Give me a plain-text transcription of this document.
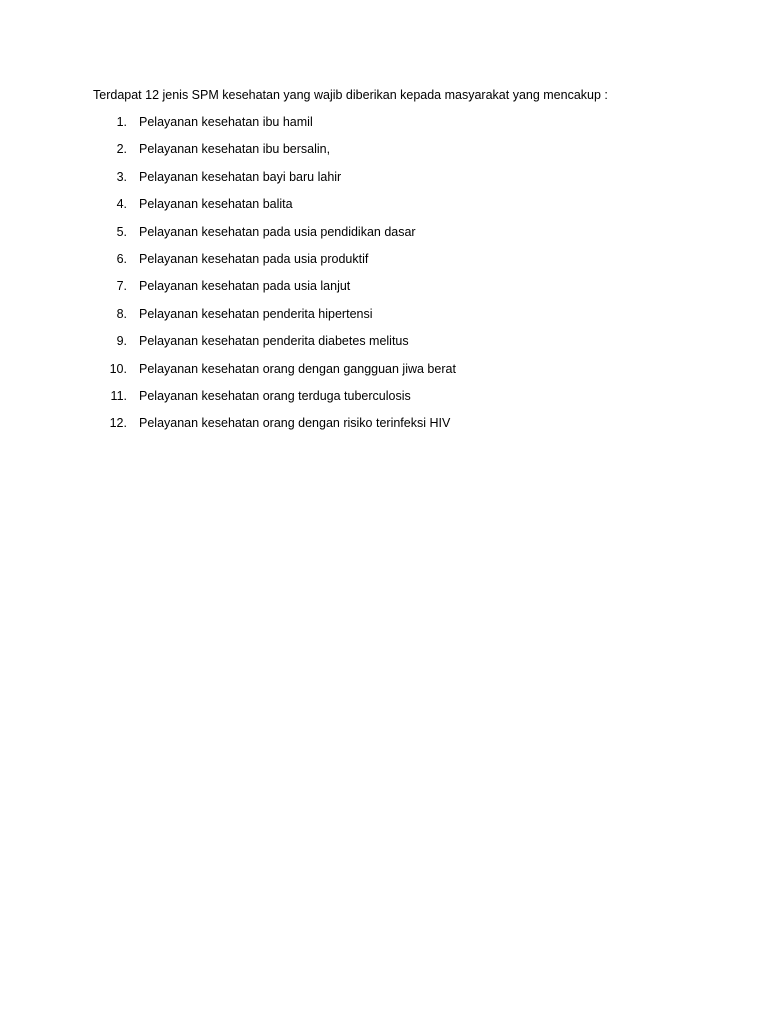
Terdapat 12 jenis SPM kesehatan yang wajib diberikan kepada masyarakat yang mencakup :

1. Pelayanan kesehatan ibu hamil
2. Pelayanan kesehatan ibu bersalin,
3. Pelayanan kesehatan bayi baru lahir
4. Pelayanan kesehatan balita
5. Pelayanan kesehatan pada usia pendidikan dasar
6. Pelayanan kesehatan pada usia produktif
7. Pelayanan kesehatan pada usia lanjut
8. Pelayanan kesehatan penderita hipertensi
9. Pelayanan kesehatan penderita diabetes melitus
10. Pelayanan kesehatan orang dengan gangguan jiwa berat
11. Pelayanan kesehatan orang terduga tuberculosis
12. Pelayanan kesehatan orang dengan risiko terinfeksi HIV
